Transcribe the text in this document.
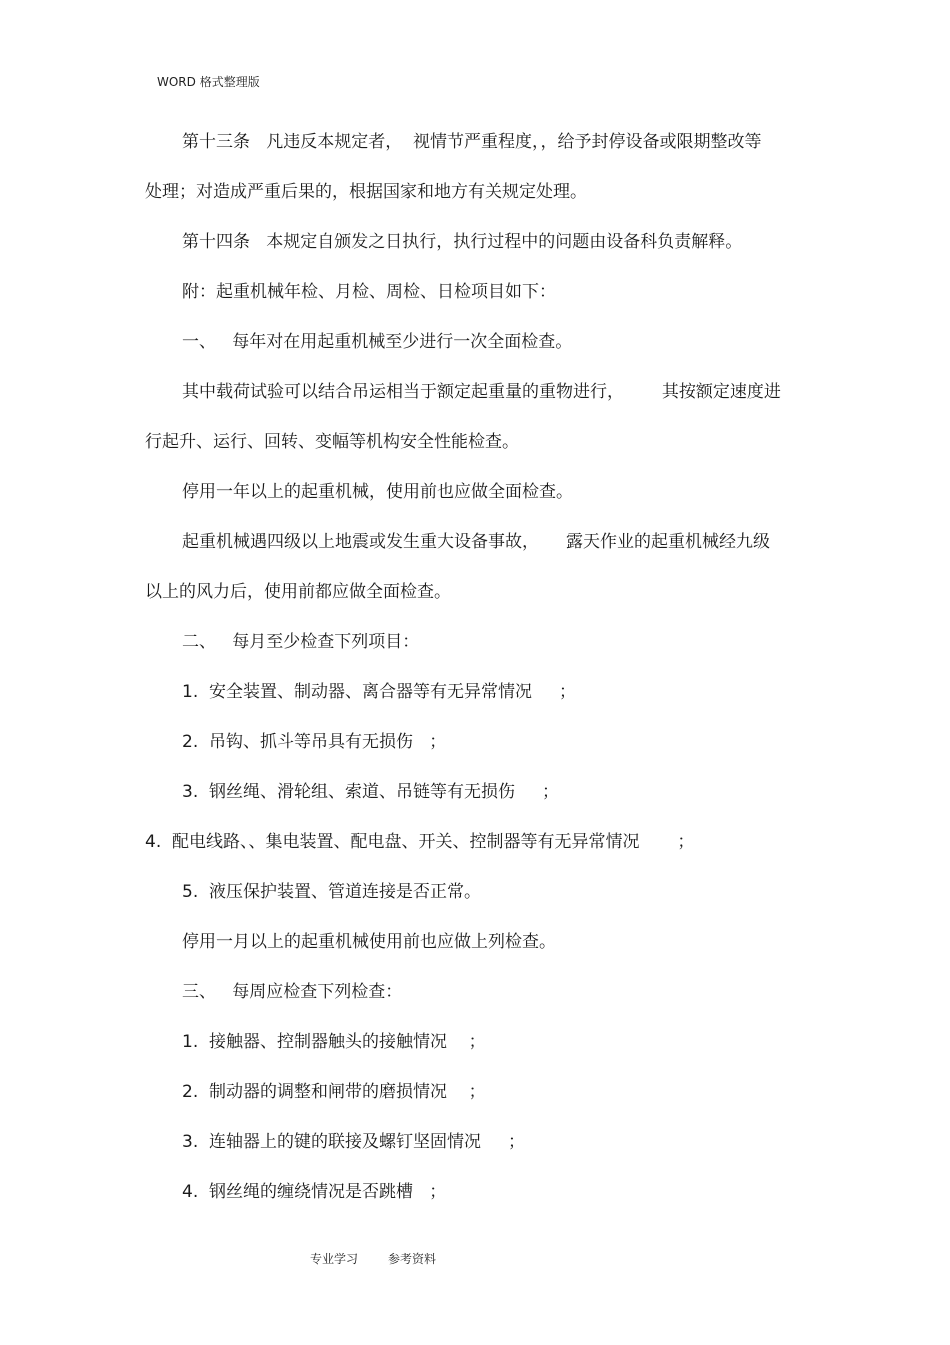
WORD 格式整理版
第十三条   凡违反本规定者，  视情节严重程度，，给予封停设备或限期整改等
处理；对造成严重后果的，根据国家和地方有关规定处理。
第十四条   本规定自颁发之日执行，执行过程中的问题由设备科负责解释。
附：起重机械年检、月检、周检、日检项目如下：
一、   每年对在用起重机械至少进行一次全面检查。
其中载荷试验可以结合吊运相当于额定起重量的重物进行，       其按额定速度进
行起升、运行、回转、变幅等机构安全性能检查。
停用一年以上的起重机械，使用前也应做全面检查。
起重机械遇四级以上地震或发生重大设备事故，     露天作业的起重机械经九级
以上的风力后，使用前都应做全面检查。
二、   每月至少检查下列项目：
1.  安全装置、制动器、离合器等有无异常情况     ；
2.  吊钩、抓斗等吊具有无损伤   ；
3.  钢丝绳、滑轮组、索道、吊链等有无损伤     ；
4.  配电线路、、集电装置、配电盘、开关、控制器等有无异常情况       ；
5.  液压保护装置、管道连接是否正常。
停用一月以上的起重机械使用前也应做上列检查。
三、   每周应检查下列检查：
1.  接触器、控制器触头的接触情况    ；
2.  制动器的调整和闸带的磨损情况    ；
3.  连轴器上的键的联接及螺钉坚固情况     ；
4.  钢丝绳的缠绕情况是否跳槽   ；
专业学习 参考资料
